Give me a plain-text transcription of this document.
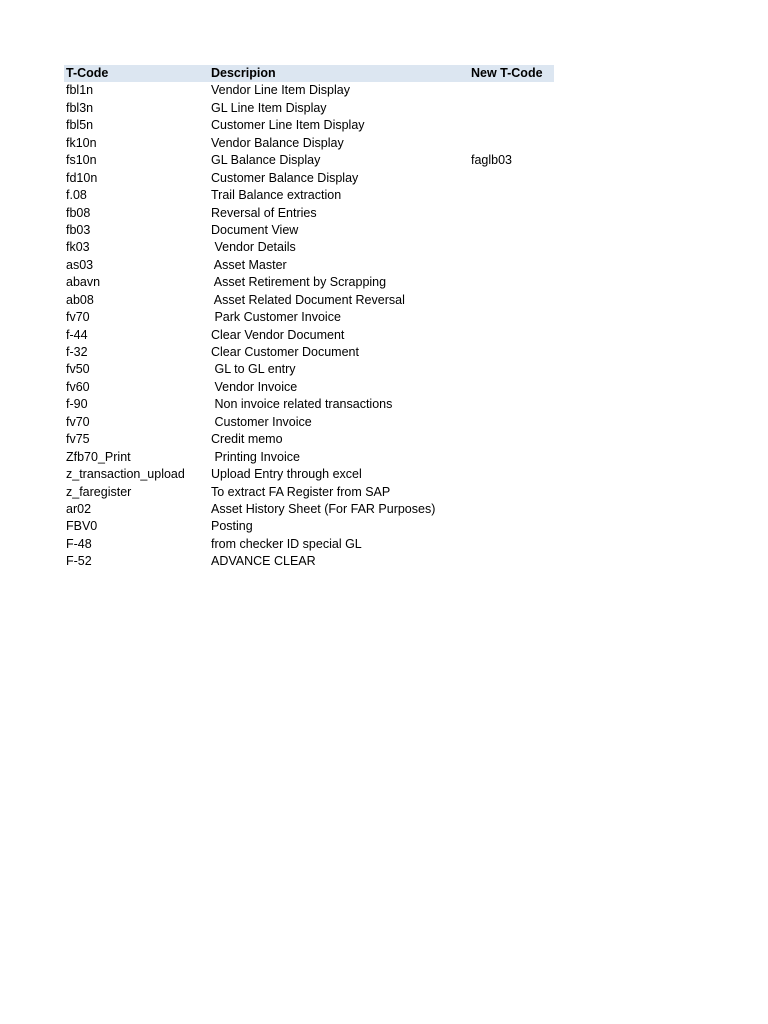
T-Code	Descripion	New T-Code
fbl1n	Vendor Line Item Display
fbl3n	GL Line Item Display
fbl5n	Customer Line Item Display
fk10n	Vendor Balance Display
fs10n	GL Balance Display	faglb03
fd10n	Customer Balance Display
f.08	Trail Balance extraction
fb08	Reversal of Entries
fb03	Document View
fk03	Vendor Details
as03	Asset Master
abavn	Asset Retirement by Scrapping
ab08	Asset Related Document Reversal
fv70	Park Customer Invoice
f-44	Clear Vendor Document
f-32	Clear Customer Document
fv50	GL to GL entry
fv60	Vendor Invoice
f-90	Non invoice related transactions
fv70	Customer Invoice
fv75	Credit memo
Zfb70_Print	Printing Invoice
z_transaction_upload	Upload Entry through excel
z_faregister	To extract FA Register from SAP
ar02	Asset History Sheet (For FAR Purposes)
FBV0	Posting
F-48	from checker ID special GL
F-52	ADVANCE CLEAR
